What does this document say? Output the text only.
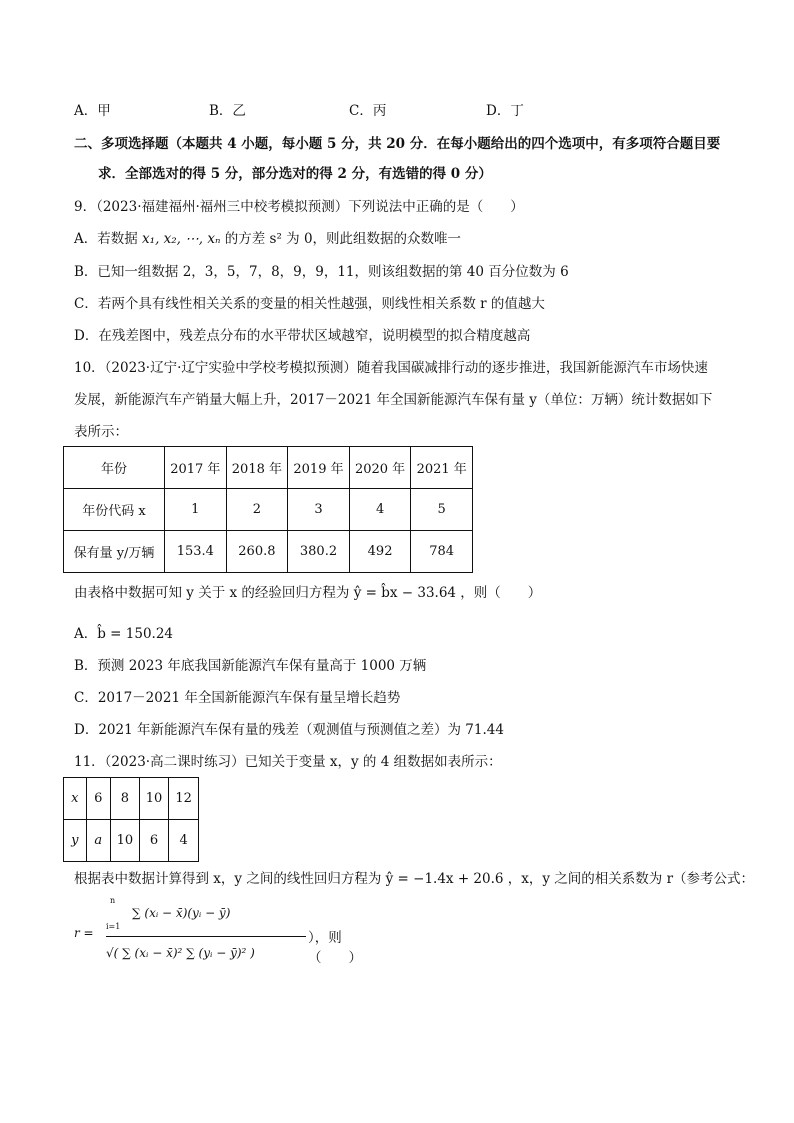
A．甲	B．乙	C．丙	D．丁
二、多项选择题（本题共 4 小题，每小题 5 分，共 20 分．在每小题给出的四个选项中，有多项符合题目要
求．全部选对的得 5 分，部分选对的得 2 分，有选错的得 0 分）
9．（2023·福建福州·福州三中校考模拟预测）下列说法中正确的是（　　）
A．若数据 x₁, x₂, ⋯, xₙ 的方差 s² 为 0，则此组数据的众数唯一
B．已知一组数据 2，3，5，7，8，9，9，11，则该组数据的第 40 百分位数为 6
C．若两个具有线性相关关系的变量的相关性越强，则线性相关系数 r 的值越大
D．在残差图中，残差点分布的水平带状区域越窄，说明模型的拟合精度越高
10．（2023·辽宁·辽宁实验中学校考模拟预测）随着我国碳减排行动的逐步推进，我国新能源汽车市场快速
发展，新能源汽车产销量大幅上升，2017－2021 年全国新能源汽车保有量 y（单位：万辆）统计数据如下
表所示：
年份	2017 年	2018 年	2019 年	2020 年	2021 年
年份代码 x	1	2	3	4	5
保有量 y/万辆	153.4	260.8	380.2	492	784
由表格中数据可知 y 关于 x 的经验回归方程为 ŷ = b̂x − 33.64 ，则（　　）
A．b̂ = 150.24
B．预测 2023 年底我国新能源汽车保有量高于 1000 万辆
C．2017－2021 年全国新能源汽车保有量呈增长趋势
D．2021 年新能源汽车保有量的残差（观测值与预测值之差）为 71.44
11．（2023·高二课时练习）已知关于变量 x，y 的 4 组数据如表所示：
x	6	8	10	12
y	a	10	6	4
根据表中数据计算得到 x，y 之间的线性回归方程为 ŷ = −1.4x + 20.6 ，x，y 之间的相关系数为 r（参考公式：
r =
n
∑ (xᵢ − x̄)(yᵢ − ȳ)
i=1
√( ∑ (xᵢ − x̄)² ∑ (yᵢ − ȳ)² )
），则（　　）
